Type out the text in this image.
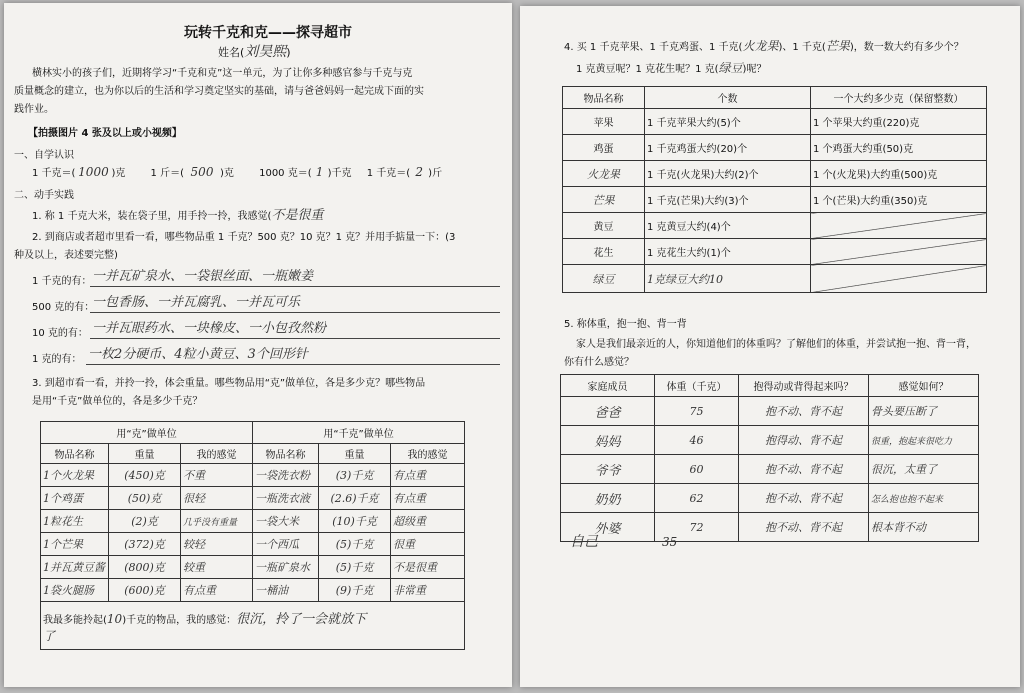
玩转千克和克——探寻超市
姓名(刘昊熙)
横林实小的孩子们，近期将学习“千克和克”这一单元，为了让你多种感官参与千克与克
质量概念的建立，也为你以后的生活和学习奠定坚实的基础，请与爸爸妈妈一起完成下面的实
践作业。
【拍摄图片 4 张及以上或小视频】
一、自学认识
1 千克＝( 1000 )克	1 斤＝( 500 )克	1000 克＝( 1 )千克 1 千克＝( 2 )斤
二、动手实践
1. 称 1 千克大米，装在袋子里，用手拎一拎，我感觉(不是很重
2. 到商店或者超市里看一看，哪些物品重 1 千克？500 克？10 克？1 克？并用手掂量一下：(3
种及以上，表述要完整)
1 千克的有： 一并瓦矿泉水、一袋银丝面、一瓶嫩姜
500 克的有：
一包香肠、一并瓦腐乳、一并瓦可乐
10 克的有： 一并瓦眼药水、一块橡皮、一小包孜然粉
1 克的有： 一枚2分硬币、4粒小黄豆、3个回形针
3. 到超市看一看，并拎一拎，体会重量。哪些物品用“克”做单位，各是多少克？哪些物品
是用“千克”做单位的，各是多少千克？
用“克”做单位			用“千克”做单位		
物品名称	重量	我的感觉	物品名称	重量	我的感觉
1个火龙果	(450)克	不重	一袋洗衣粉	(3)千克	有点重
1个鸡蛋	(50)克	很轻	一瓶洗衣液	(2.6)千克	有点重
1粒花生	(2)克	几乎没有重量	一袋大米	(10)千克	超级重
1个芒果	(372)克	较轻	一个西瓜	(5)千克	很重
1并瓦黄豆酱	(800)克	较重	一瓶矿泉水	(5)千克	不是很重
1袋火腿肠	(600)克	有点重	一桶油	(9)千克	非常重
我最多能拎起(10)千克的物品，我的感觉：很沉，拎了一会就放下
了					
4. 买 1 千克苹果、1 千克鸡蛋、1 千克(火龙果)、1 千克(芒果)，数一数大约有多少个？
1 克黄豆呢？1 克花生呢？1 克(绿豆)呢？
物品名称	个数	一个大约多少克（保留整数）
苹果	1 千克苹果大约(5)个	1 个苹果大约重(220)克
鸡蛋	1 千克鸡蛋大约(20)个	1 个鸡蛋大约重(50)克
火龙果	1 千克(火龙果)大约(2)个	1 个(火龙果)大约重(500)克
芒果	1 千克(芒果)大约(3)个	1 个(芒果)大约重(350)克
黄豆	1 克黄豆大约(4)个	
花生	1 克花生大约(1)个	
绿豆	1克绿豆大约10	
5. 称体重，抱一抱、背一背
家人是我们最亲近的人，你知道他们的体重吗？了解他们的体重，并尝试抱一抱、背一背，
你有什么感觉？
家庭成员	体重（千克）	抱得动或背得起来吗？	感觉如何？
爸爸	75	抱不动、背不起	骨头要压断了
妈妈	46	抱得动、背不起	很重，抱起来很吃力
爷爷	60	抱不动、背不起	很沉，太重了
奶奶	62	抱不动、背不起	怎么抱也抱不起来
外婆	72	抱不动、背不起	根本背不动
自己	35
